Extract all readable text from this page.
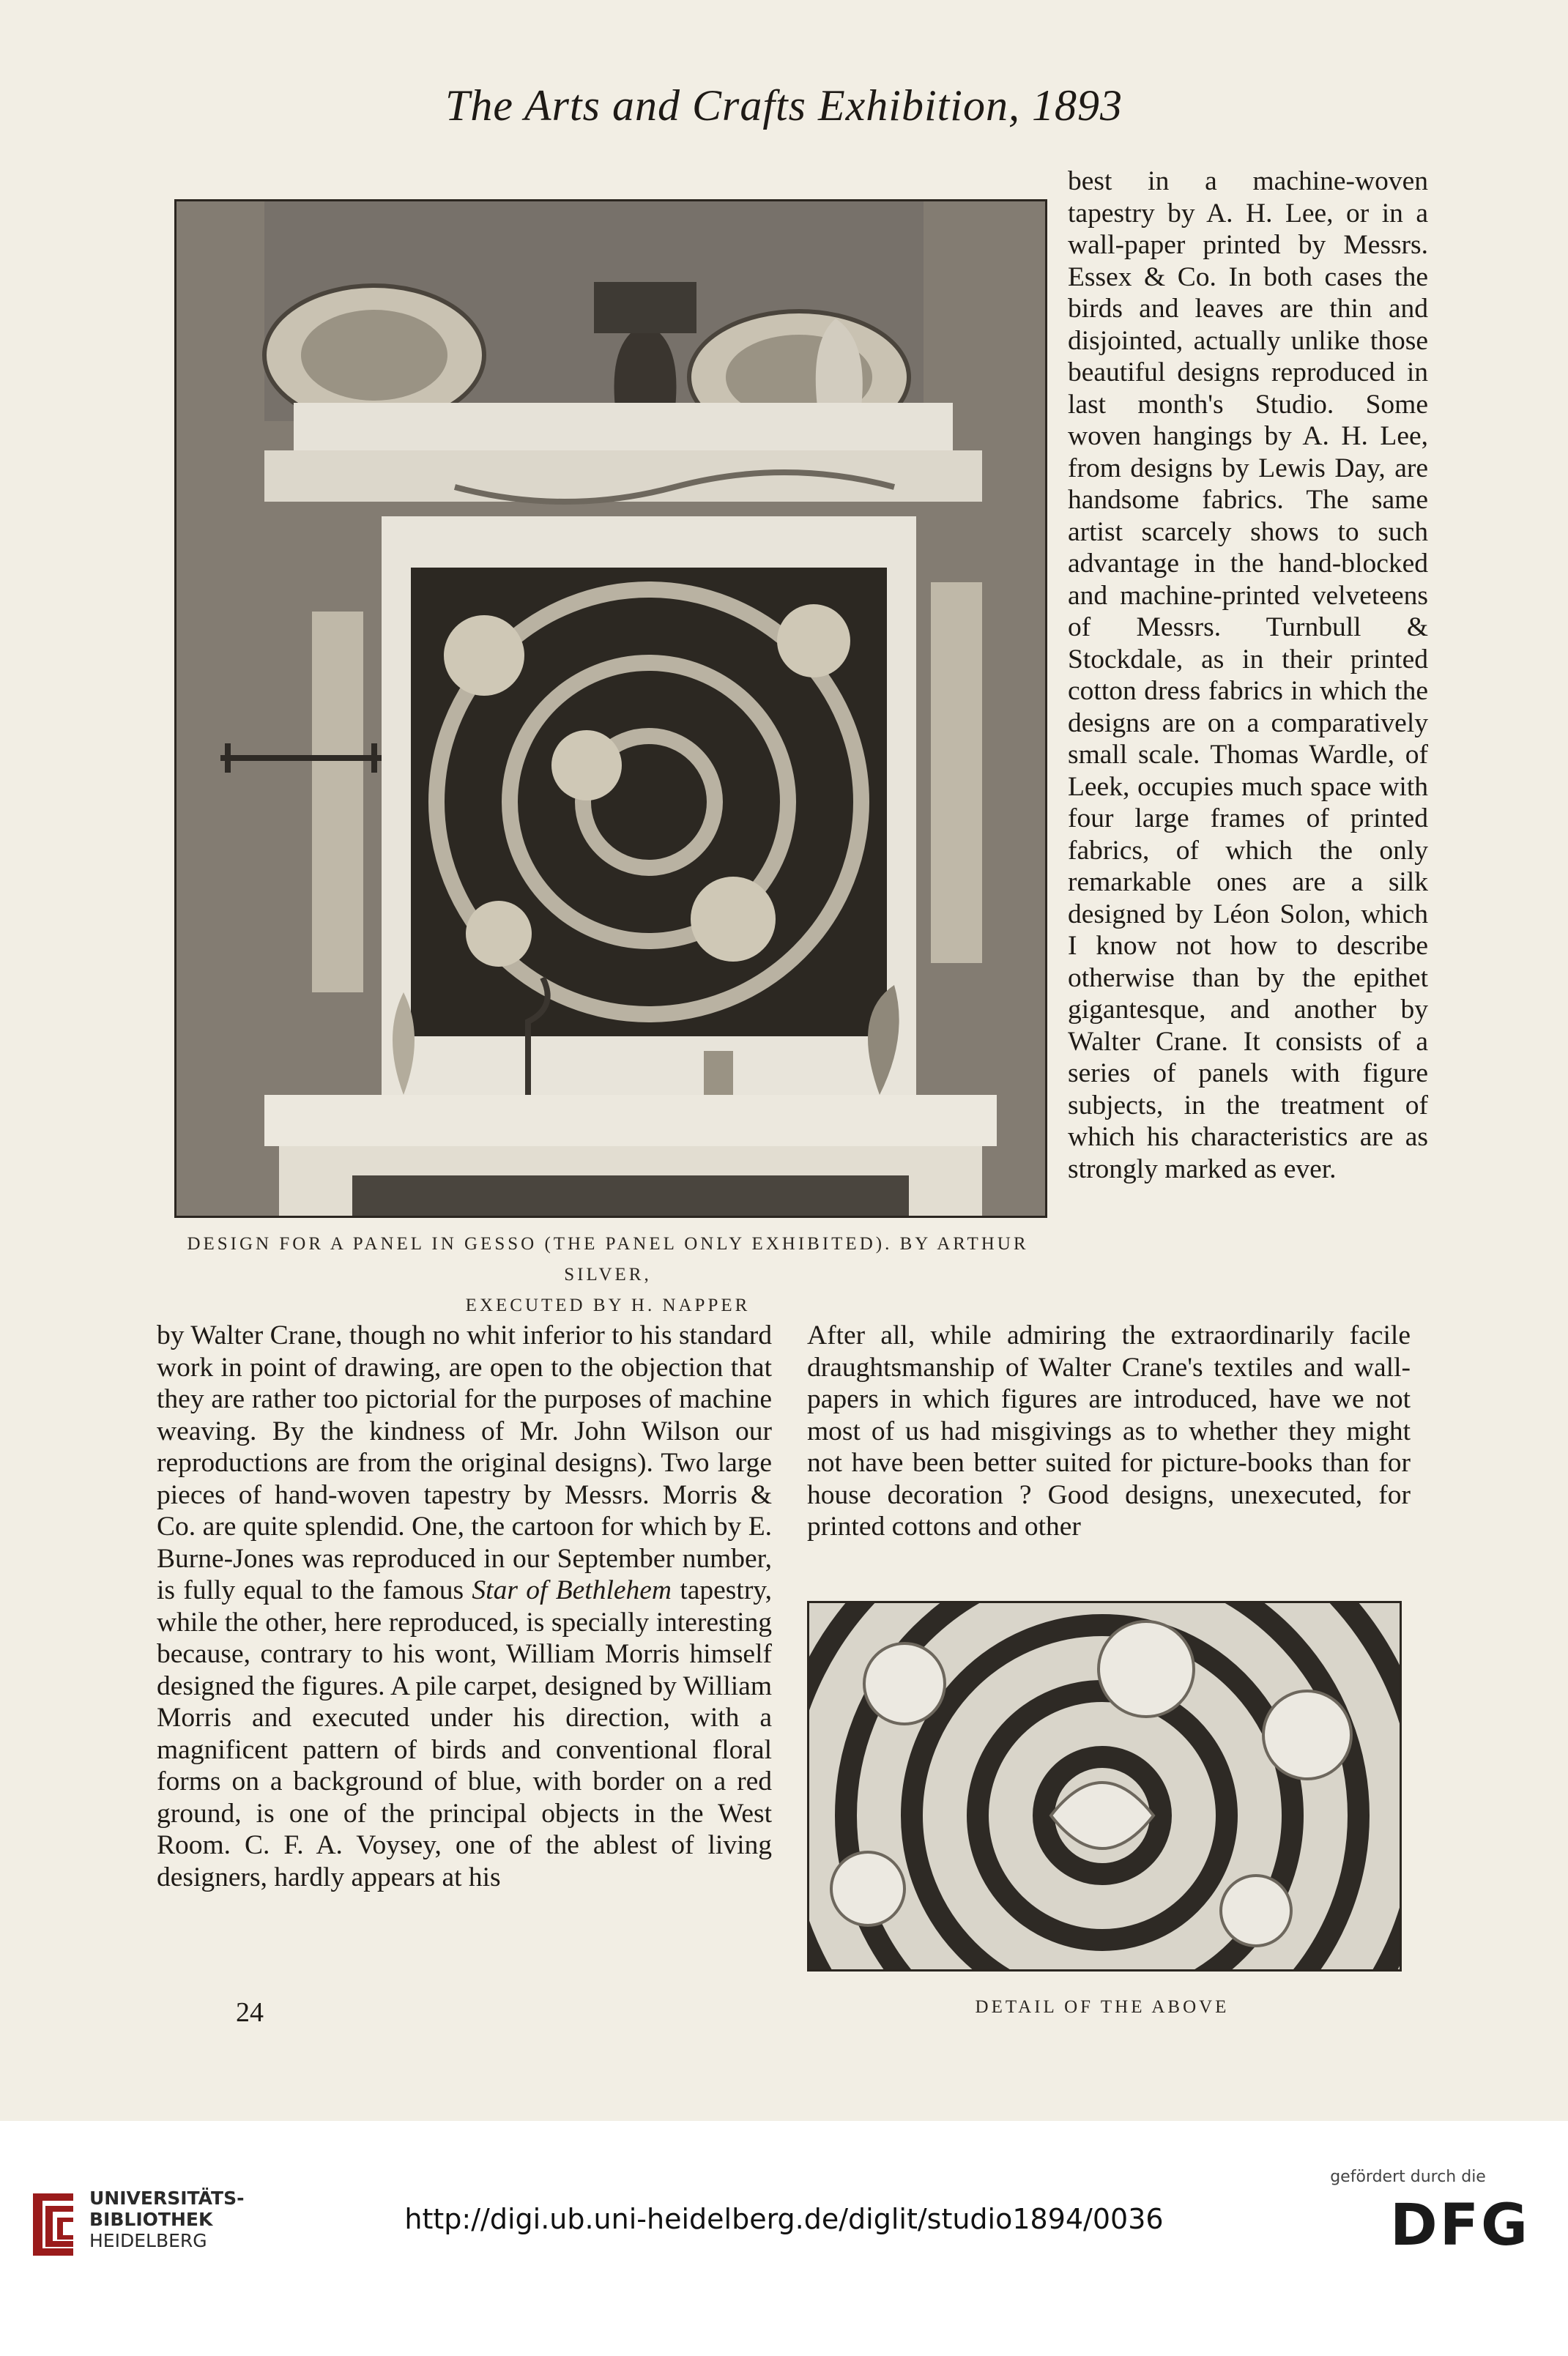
The Arts and Crafts Exhibition, 1893
DESIGN FOR A PANEL IN GESSO (THE PANEL ONLY EXHIBITED). BY ARTHUR SILVER,
EXECUTED BY H. NAPPER

best in a machine-woven tapestry by A. H. Lee, or in a wall-paper printed by Messrs. Essex & Co. In both cases the birds and leaves are thin and disjointed, actually unlike those beautiful designs reproduced in last month's Studio. Some woven hangings by A. H. Lee, from designs by Lewis Day, are handsome fabrics. The same artist scarcely shows to such advantage in the hand-blocked and machine-printed velveteens of Messrs. Turnbull & Stockdale, as in their printed cotton dress fabrics in which the designs are on a comparatively small scale. Thomas Wardle, of Leek, occupies much space with four large frames of printed fabrics, of which the only remarkable ones are a silk designed by Léon Solon, which I know not how to describe otherwise than by the epithet gigantesque, and another by Walter Crane. It consists of a series of panels with figure subjects, in the treatment of which his characteristics are as strongly marked as ever.

by Walter Crane, though no whit inferior to his standard work in point of drawing, are open to the objection that they are rather too pictorial for the purposes of machine weaving. By the kindness of Mr. John Wilson our reproductions are from the original designs). Two large pieces of hand-woven tapestry by Messrs. Morris & Co. are quite splendid. One, the cartoon for which by E. Burne-Jones was reproduced in our September number, is fully equal to the famous Star of Bethlehem tapestry, while the other, here reproduced, is specially interesting because, contrary to his wont, William Morris himself designed the figures. A pile carpet, designed by William Morris and executed under his direction, with a magnificent pattern of birds and conventional floral forms on a background of blue, with border on a red ground, is one of the principal objects in the West Room. C. F. A. Voysey, one of the ablest of living designers, hardly appears at his

After all, while admiring the extraordinarily facile draughtsmanship of Walter Crane's textiles and wall-papers in which figures are introduced, have we not most of us had misgivings as to whether they might not have been better suited for picture-books than for house decoration ? Good designs, unexecuted, for printed cottons and other

DETAIL OF THE ABOVE
24
UNIVERSITÄTS-
BIBLIOTHEK
HEIDELBERG
http://digi.ub.uni-heidelberg.de/diglit/studio1894/0036
gefördert durch die
DFG
